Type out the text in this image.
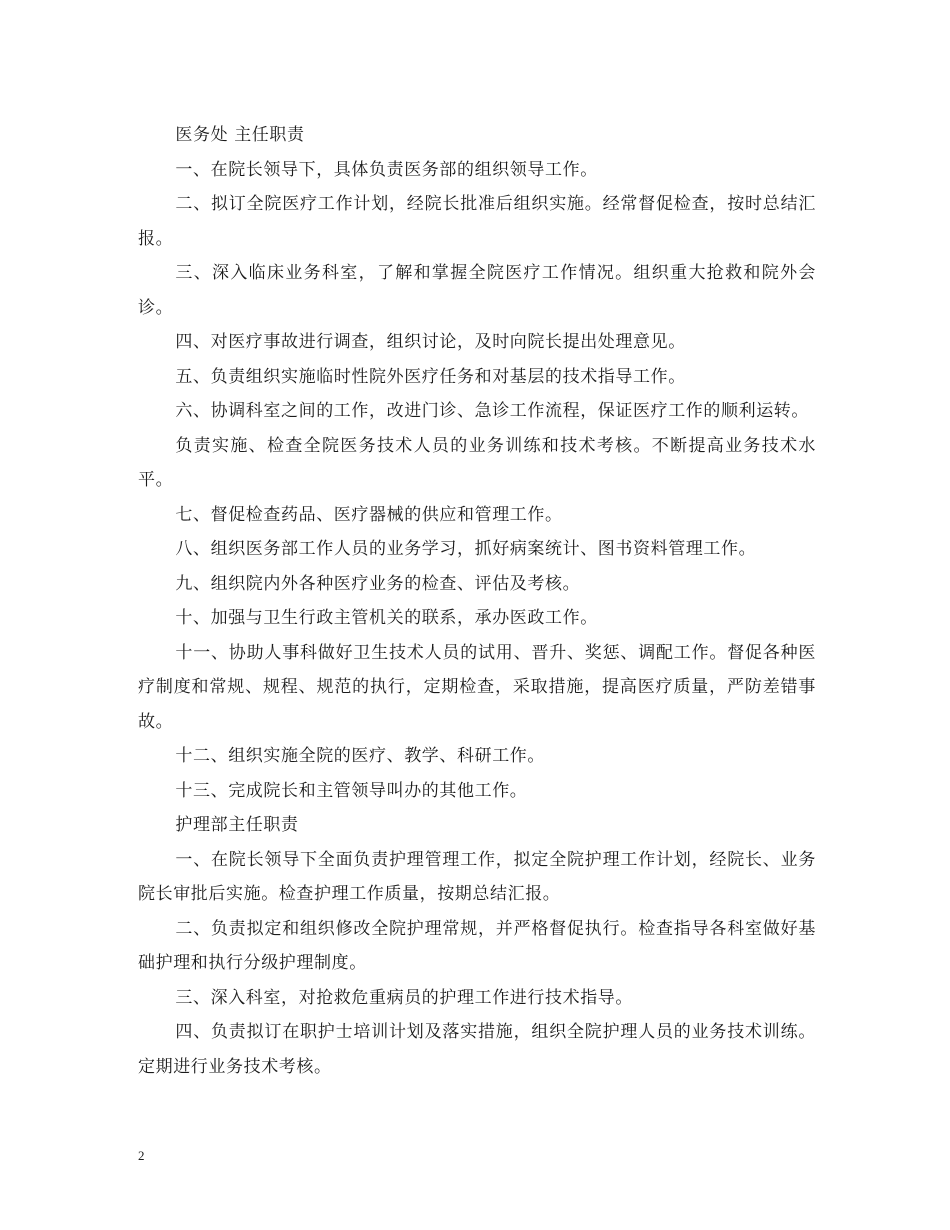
医务处 主任职责

一、在院长领导下，具体负责医务部的组织领导工作。

二、拟订全院医疗工作计划，经院长批准后组织实施。经常督促检查，按时总结汇报。

三、深入临床业务科室，了解和掌握全院医疗工作情况。组织重大抢救和院外会诊。

四、对医疗事故进行调查，组织讨论，及时向院长提出处理意见。

五、负责组织实施临时性院外医疗任务和对基层的技术指导工作。

六、协调科室之间的工作，改进门诊、急诊工作流程，保证医疗工作的顺利运转。

负责实施、检查全院医务技术人员的业务训练和技术考核。不断提高业务技术水平。

七、督促检查药品、医疗器械的供应和管理工作。

八、组织医务部工作人员的业务学习，抓好病案统计、图书资料管理工作。

九、组织院内外各种医疗业务的检查、评估及考核。

十、加强与卫生行政主管机关的联系，承办医政工作。

十一、协助人事科做好卫生技术人员的试用、晋升、奖惩、调配工作。督促各种医疗制度和常规、规程、规范的执行，定期检查，采取措施，提高医疗质量，严防差错事故。

十二、组织实施全院的医疗、教学、科研工作。

十三、完成院长和主管领导叫办的其他工作。

护理部主任职责

一、在院长领导下全面负责护理管理工作，拟定全院护理工作计划，经院长、业务院长审批后实施。检查护理工作质量，按期总结汇报。

二、负责拟定和组织修改全院护理常规，并严格督促执行。检查指导各科室做好基础护理和执行分级护理制度。

三、深入科室，对抢救危重病员的护理工作进行技术指导。

四、负责拟订在职护士培训计划及落实措施，组织全院护理人员的业务技术训练。定期进行业务技术考核。

2
